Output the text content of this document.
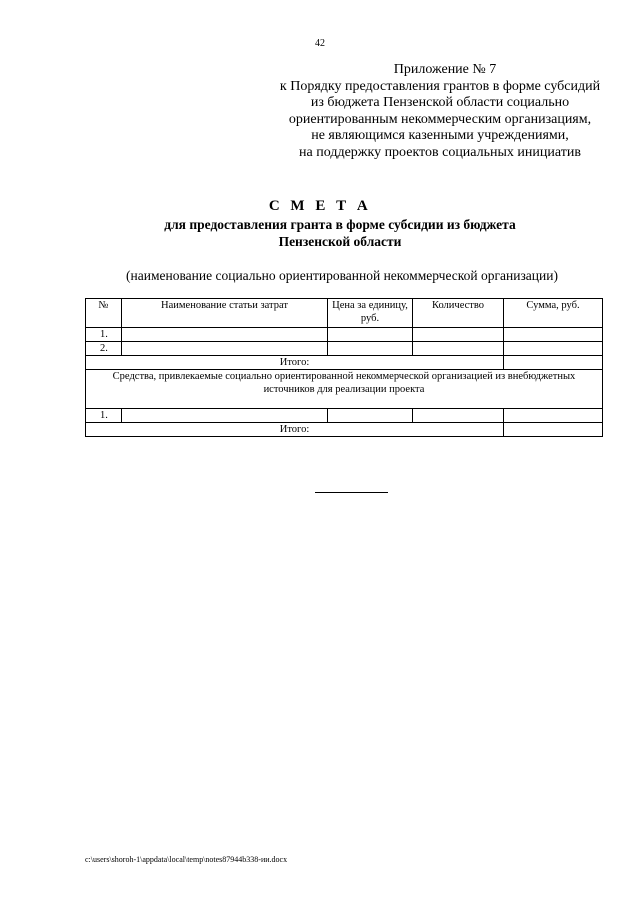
42
Приложение № 7
к Порядку предоставления грантов в форме субсидий
из бюджета Пензенской области социально
ориентированным некоммерческим организациям,
не являющимся казенными учреждениями,
на поддержку проектов социальных инициатив
С М Е Т А
для предоставления гранта в форме субсидии из бюджета
Пензенской области
(наименование социально ориентированной некоммерческой организации)
№	Наименование статьи затрат	Цена за единицу, руб.	Количество	Сумма, руб.
1.				
2.				
Итого:				
Средства, привлекаемые социально ориентированной некоммерческой организацией из внебюджетных источников для реализации проекта				
1.				
Итого:				
c:\users\shoroh-1\appdata\local\temp\notes87944b338-ии.docx
